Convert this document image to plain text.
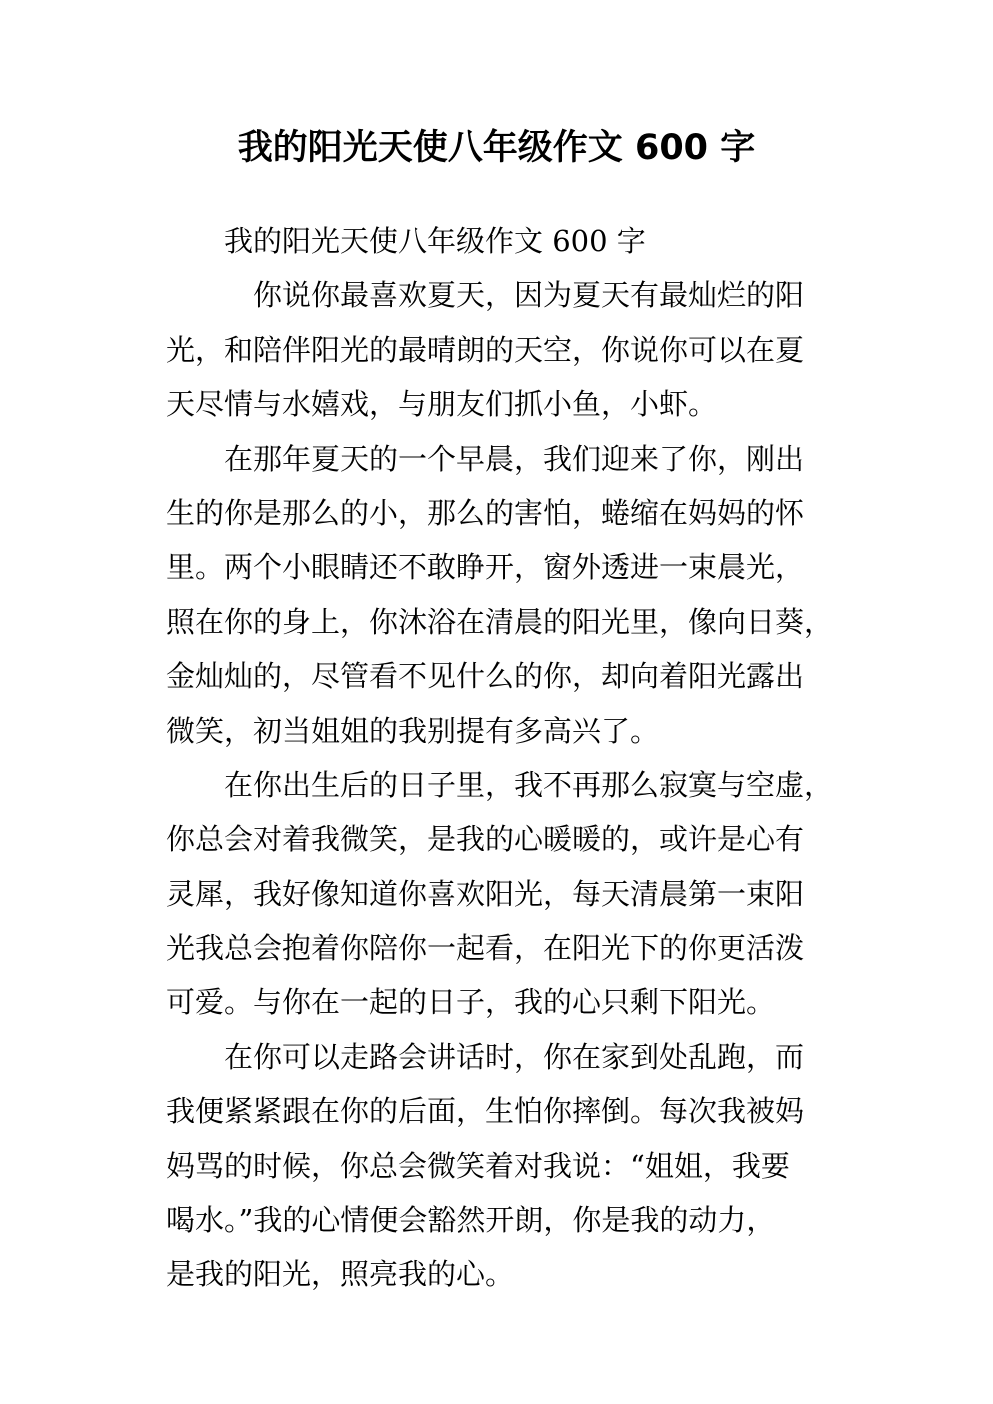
我的阳光天使八年级作文 600 字
　　我的阳光天使八年级作文 600 字
　　　你说你最喜欢夏天，因为夏天有最灿烂的阳
光，和陪伴阳光的最晴朗的天空，你说你可以在夏
天尽情与水嬉戏，与朋友们抓小鱼，小虾。
　　在那年夏天的一个早晨，我们迎来了你，刚出
生的你是那么的小，那么的害怕，蜷缩在妈妈的怀
里。两个小眼睛还不敢睁开，窗外透进一束晨光，
照在你的身上，你沐浴在清晨的阳光里，像向日葵，
金灿灿的，尽管看不见什么的你，却向着阳光露出
微笑，初当姐姐的我别提有多高兴了。
　　在你出生后的日子里，我不再那么寂寞与空虚，
你总会对着我微笑，是我的心暖暖的，或许是心有
灵犀，我好像知道你喜欢阳光，每天清晨第一束阳
光我总会抱着你陪你一起看，在阳光下的你更活泼
可爱。与你在一起的日子，我的心只剩下阳光。
　　在你可以走路会讲话时，你在家到处乱跑，而
我便紧紧跟在你的后面，生怕你摔倒。每次我被妈
妈骂的时候，你总会微笑着对我说：“姐姐，我要
喝水。”我的心情便会豁然开朗，你是我的动力，
是我的阳光，照亮我的心。
